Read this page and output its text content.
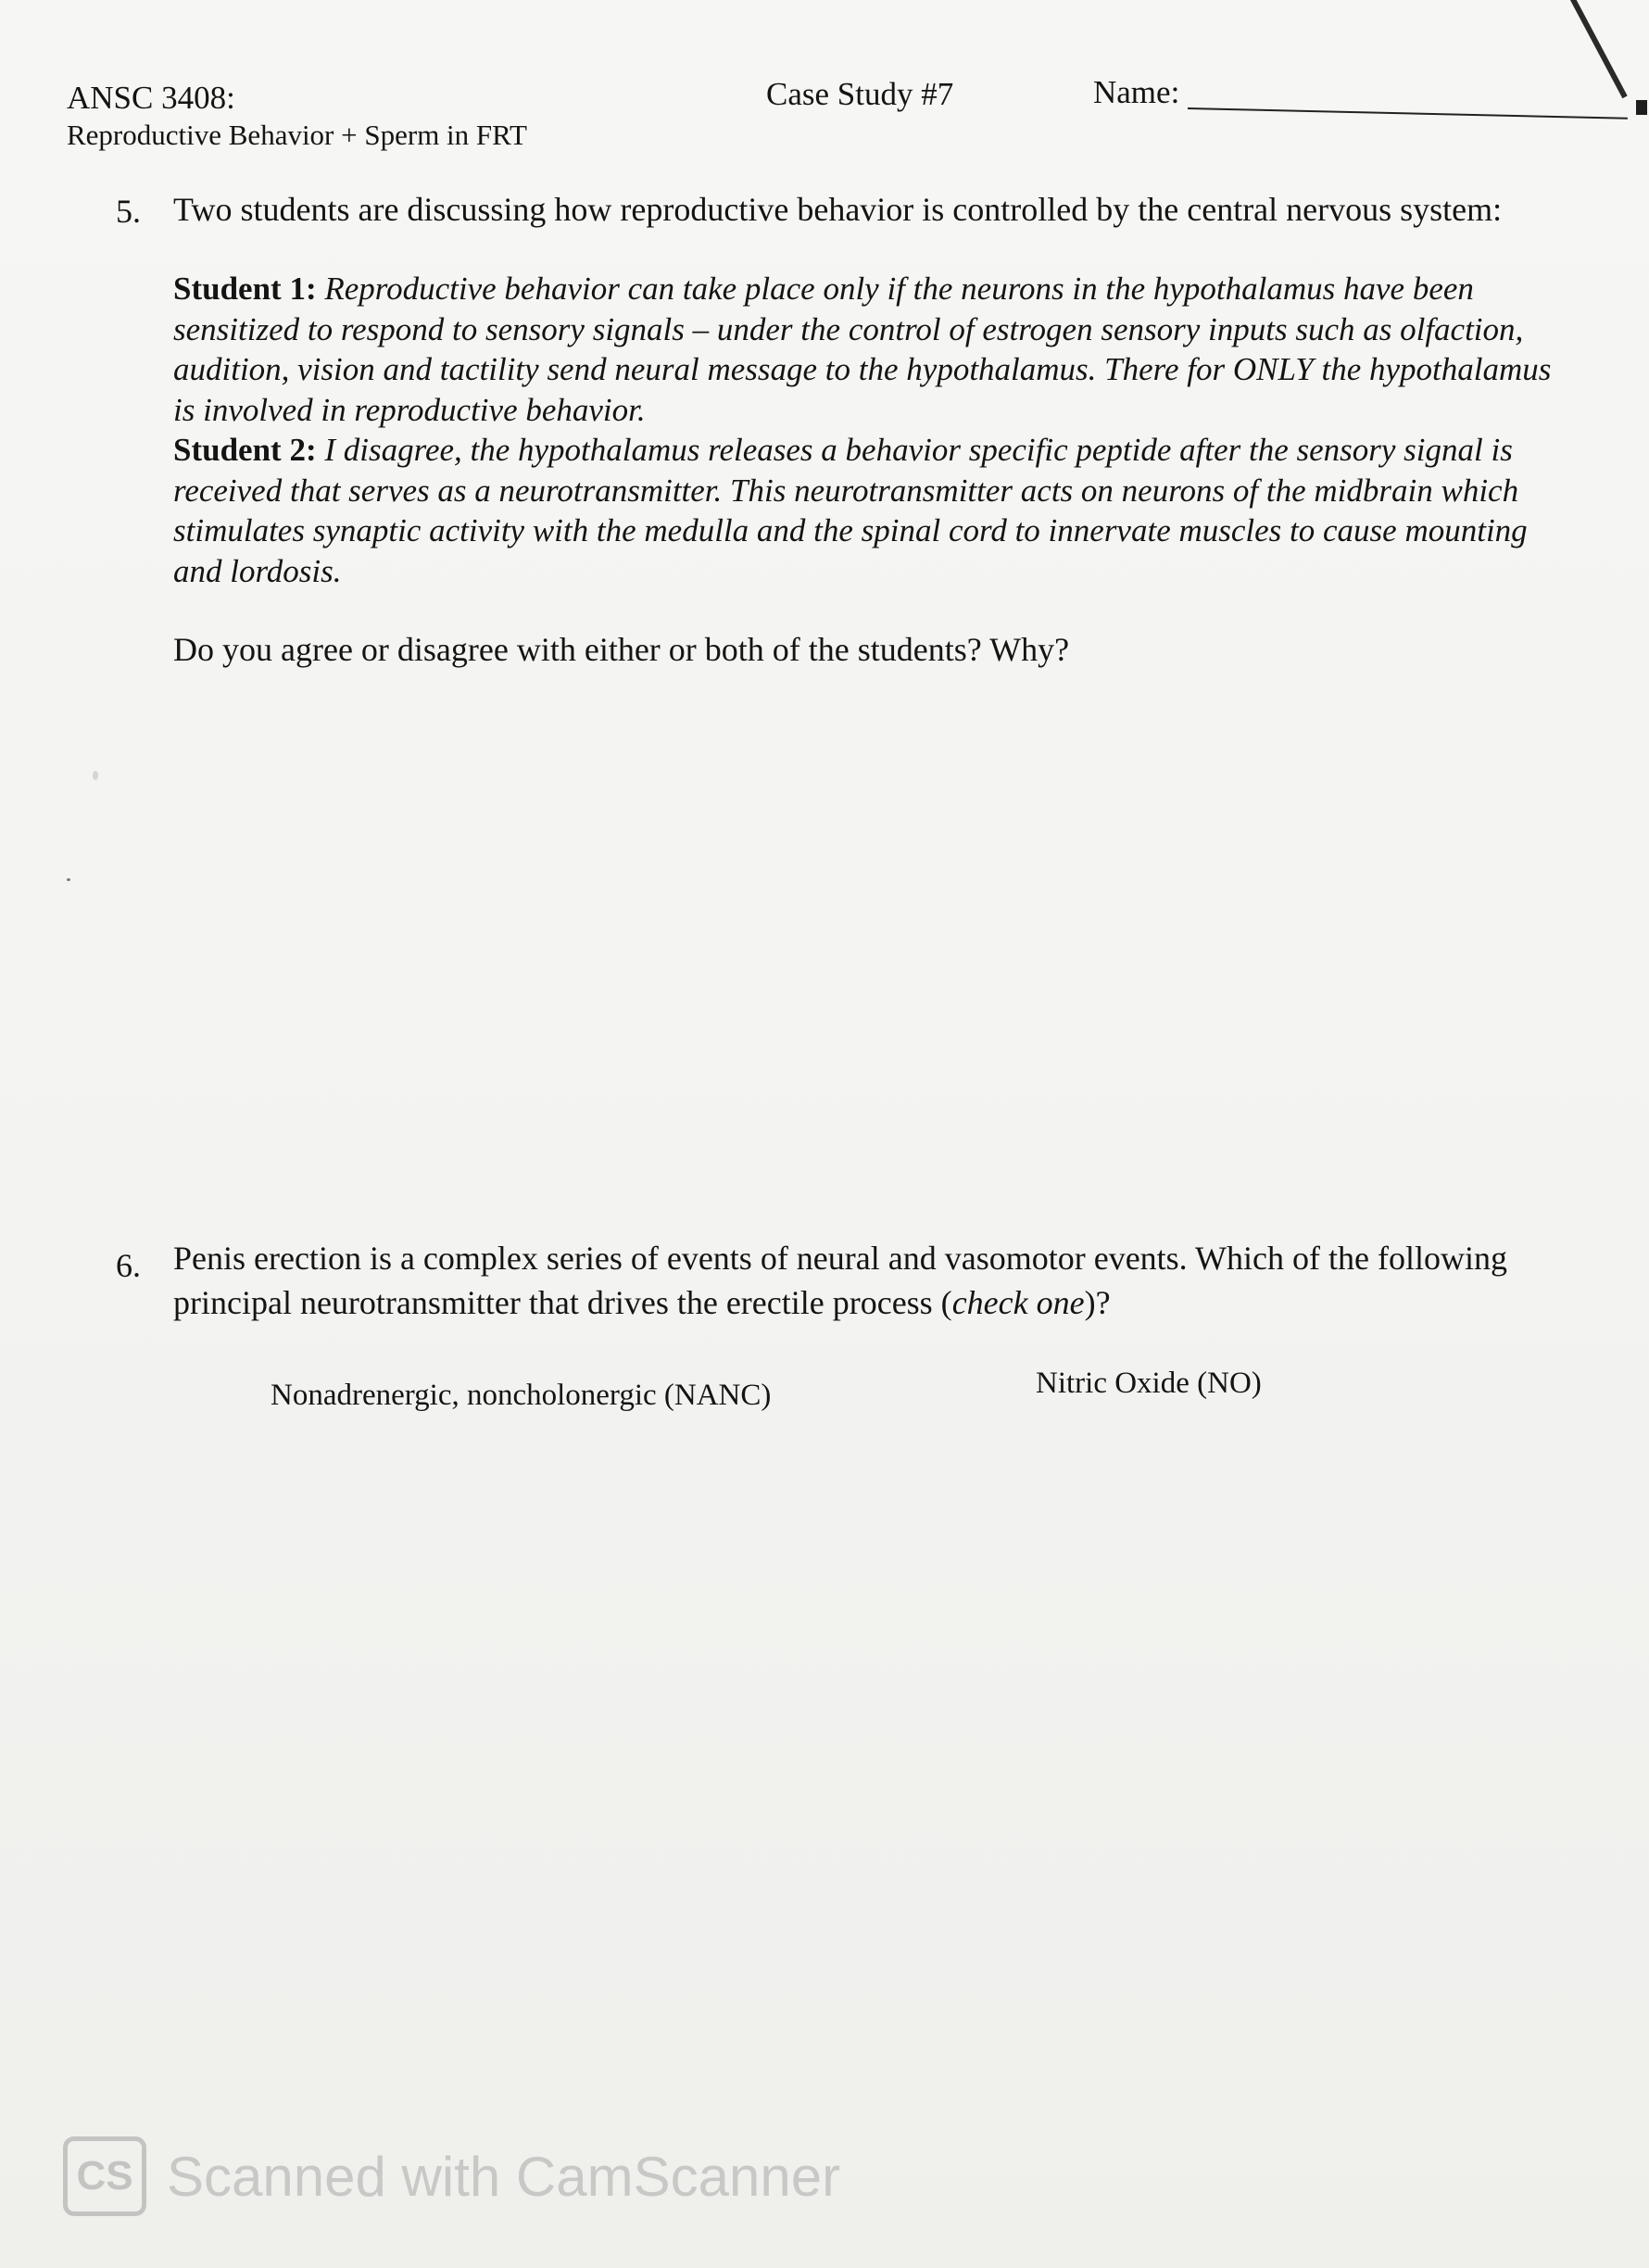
ANSC 3408:
Reproductive Behavior + Sperm in FRT
Case Study #7	Name:
5. Two students are discussing how reproductive behavior is controlled by the central nervous system:

Student 1: Reproductive behavior can take place only if the neurons in the hypothalamus have been

sensitized to respond to sensory signals – under the control of estrogen sensory inputs such as olfaction,

audition, vision and tactility send neural message to the hypothalamus. There for ONLY the hypothalamus

is involved in reproductive behavior.

Student 2: I disagree, the hypothalamus releases a behavior specific peptide after the sensory signal is

received that serves as a neurotransmitter. This neurotransmitter acts on neurons of the midbrain which

stimulates synaptic activity with the medulla and the spinal cord to innervate muscles to cause mounting

and lordosis.

Do you agree or disagree with either or both of the students? Why?
6. Penis erection is a complex series of events of neural and vasomotor events. Which of the following
principal neurotransmitter that drives the erectile process (check one)?
Nonadrenergic, noncholonergic (NANC)	Nitric Oxide (NO)
CS Scanned with CamScanner
